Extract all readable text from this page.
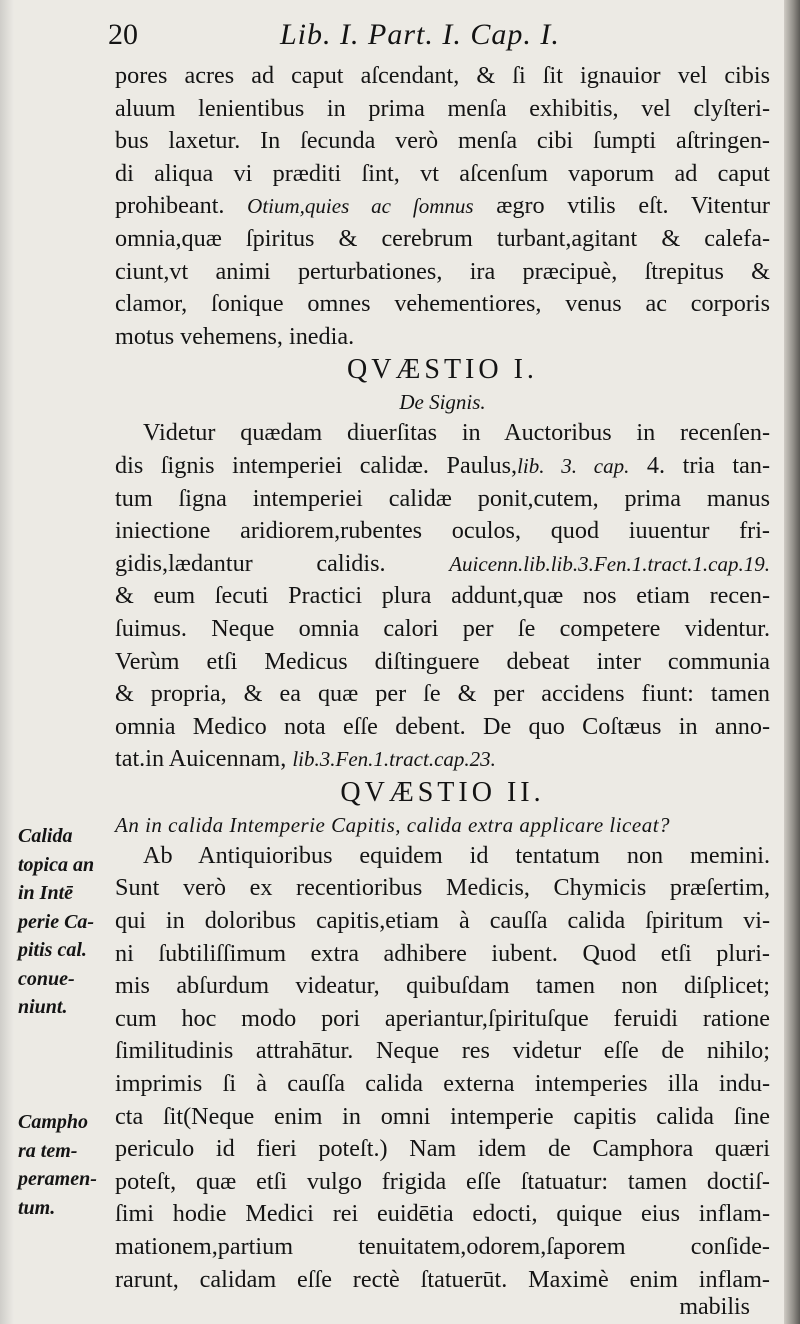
20	Lib. I. Part. I. Cap. I.
pores acres ad caput aſcendant, & ſi ſit ignauior vel cibis
aluum lenientibus in prima menſa exhibitis, vel clyſteri-
bus laxetur. In ſecunda verò menſa cibi ſumpti aſtringen-
di aliqua vi præditi ſint, vt aſcenſum vaporum ad caput
prohibeant. Otium,quies ac ſomnus ægro vtilis eſt. Vitentur
omnia,quæ ſpiritus & cerebrum turbant,agitant & calefa-
ciunt,vt animi perturbationes, ira præcipuè, ſtrepitus &
clamor, ſonique omnes vehementiores, venus ac corporis
motus vehemens, inedia.
QVÆSTIO I.
De Signis.
Videtur quædam diuerſitas in Auctoribus in recenſen-
dis ſignis intemperiei calidæ. Paulus,lib. 3. cap. 4. tria tan-
tum ſigna intemperiei calidæ ponit,cutem, prima manus
iniectione aridiorem,rubentes oculos, quod iuuentur fri-
gidis,lædantur calidis. Auicenn.lib.lib.3.Fen.1.tract.1.cap.19.
& eum ſecuti Practici plura addunt,quæ nos etiam recen-
ſuimus. Neque omnia calori per ſe competere videntur.
Verùm etſi Medicus diſtinguere debeat inter communia
& propria, & ea quæ per ſe & per accidens fiunt: tamen
omnia Medico nota eſſe debent. De quo Coſtæus in anno-
tat.in Auicennam, lib.3.Fen.1.tract.cap.23.
QVÆSTIO II.
An in calida Intemperie Capitis, calida extra applicare liceat?
Ab Antiquioribus equidem id tentatum non memini.
Sunt verò ex recentioribus Medicis, Chymicis præſertim,
qui in doloribus capitis,etiam à cauſſa calida ſpiritum vi-
ni ſubtiliſſimum extra adhibere iubent. Quod etſi pluri-
mis abſurdum videatur, quibuſdam tamen non diſplicet;
cum hoc modo pori aperiantur,ſpirituſque feruidi ratione
ſimilitudinis attrahātur. Neque res videtur eſſe de nihilo;
imprimis ſi à cauſſa calida externa intemperies illa indu-
cta ſit(Neque enim in omni intemperie capitis calida ſine
periculo id fieri poteſt.) Nam idem de Camphora quæri
poteſt, quæ etſi vulgo frigida eſſe ſtatuatur: tamen doctiſ-
ſimi hodie Medici rei euidētia edocti, quique eius inflam-
mationem,partium tenuitatem,odorem,ſaporem conſide-
rarunt, calidam eſſe rectè ſtatuerūt. Maximè enim inflam-
Calida
topica an
in Intē
perie Ca-
pitis cal.
conue-
niunt.
Campho
ra tem-
peramen-
tum.
mabilis
